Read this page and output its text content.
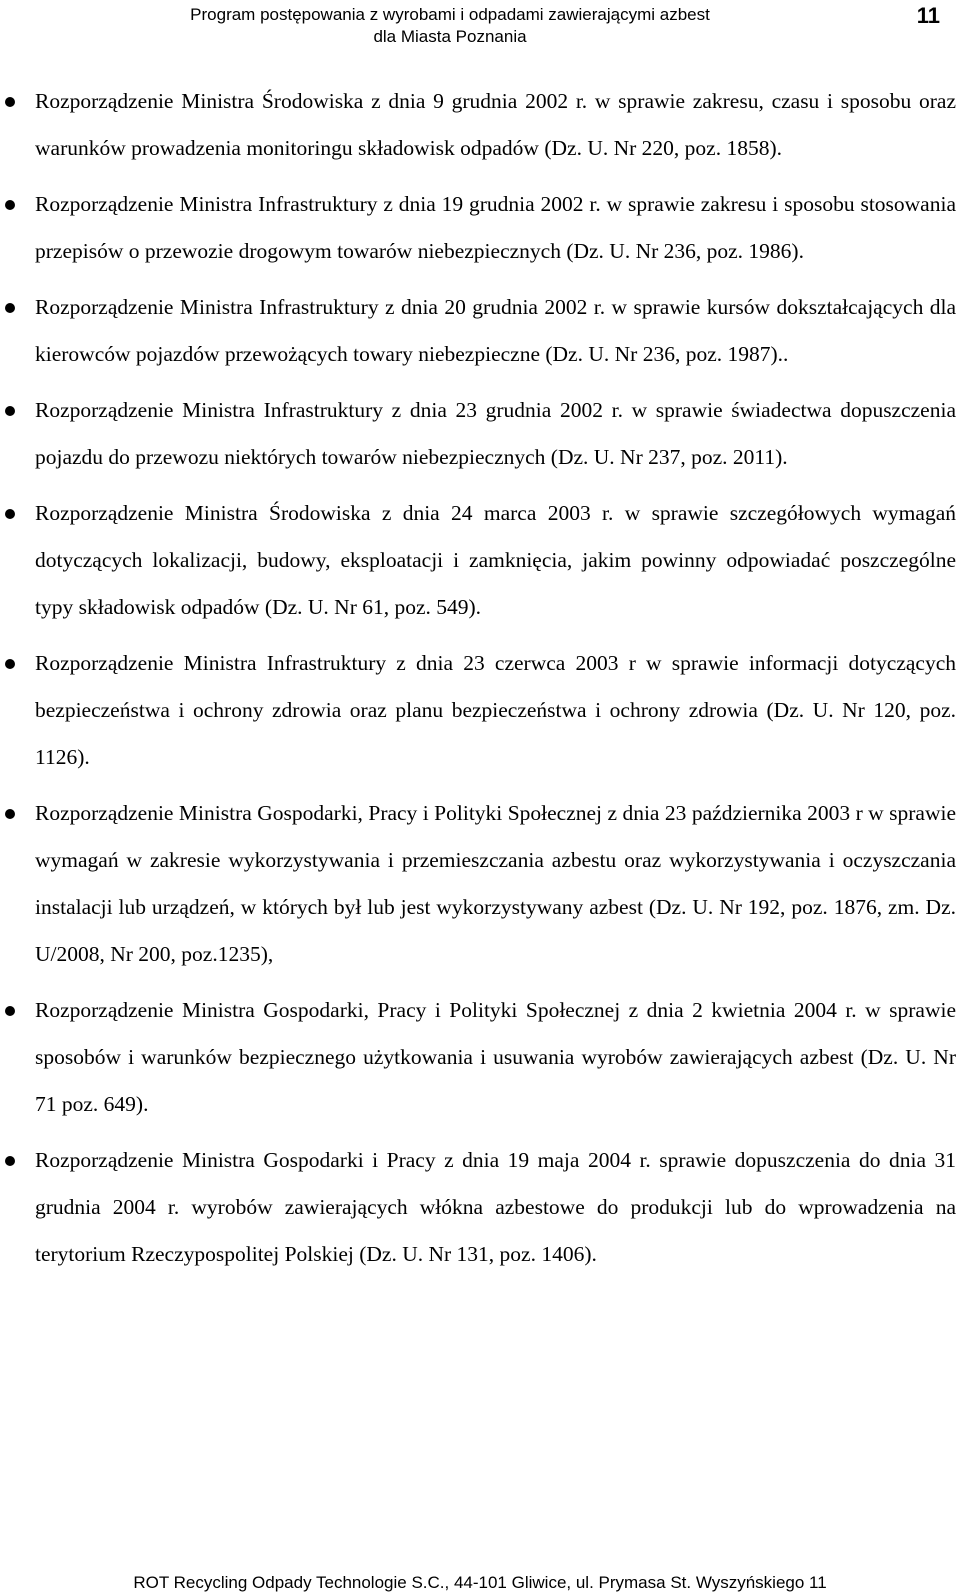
Program postępowania z wyrobami i odpadami zawierającymi azbest
dla Miasta Poznania
11
Rozporządzenie Ministra Środowiska z dnia 9 grudnia 2002 r. w sprawie zakresu, czasu i sposobu oraz warunków prowadzenia monitoringu składowisk odpadów (Dz. U. Nr 220, poz. 1858).
Rozporządzenie Ministra Infrastruktury z dnia 19 grudnia 2002 r. w sprawie zakresu i sposobu stosowania przepisów o przewozie drogowym towarów niebezpiecznych (Dz. U. Nr 236, poz. 1986).
Rozporządzenie Ministra Infrastruktury z dnia 20 grudnia 2002 r. w sprawie kursów dokształcających dla kierowców pojazdów przewożących towary niebezpieczne (Dz. U. Nr 236, poz. 1987)..
Rozporządzenie Ministra Infrastruktury z dnia 23 grudnia 2002 r. w sprawie świadectwa dopuszczenia pojazdu do przewozu niektórych towarów niebezpiecznych (Dz. U. Nr 237, poz. 2011).
Rozporządzenie Ministra Środowiska z dnia 24 marca 2003 r. w sprawie szczegółowych wymagań dotyczących lokalizacji, budowy, eksploatacji i zamknięcia, jakim powinny odpowiadać poszczególne typy składowisk odpadów (Dz. U. Nr 61, poz. 549).
Rozporządzenie Ministra Infrastruktury z dnia 23 czerwca 2003 r w sprawie informacji dotyczących bezpieczeństwa i ochrony zdrowia oraz planu bezpieczeństwa i ochrony zdrowia (Dz. U. Nr 120, poz. 1126).
Rozporządzenie Ministra Gospodarki, Pracy i Polityki Społecznej z dnia 23 października 2003 r w sprawie wymagań w zakresie wykorzystywania i przemieszczania azbestu oraz wykorzystywania i oczyszczania instalacji lub urządzeń, w których był lub jest wykorzystywany azbest (Dz. U. Nr 192, poz. 1876, zm. Dz. U/2008, Nr 200, poz.1235),
Rozporządzenie Ministra Gospodarki, Pracy i Polityki Społecznej z dnia 2 kwietnia 2004 r. w sprawie sposobów i warunków bezpiecznego użytkowania i usuwania wyrobów zawierających azbest (Dz. U. Nr 71 poz. 649).
Rozporządzenie Ministra Gospodarki i Pracy z dnia 19 maja 2004 r. sprawie dopuszczenia do dnia 31 grudnia 2004 r. wyrobów zawierających włókna azbestowe do produkcji lub do wprowadzenia na terytorium Rzeczypospolitej Polskiej (Dz. U. Nr 131, poz. 1406).
ROT Recycling Odpady Technologie S.C., 44-101 Gliwice, ul. Prymasa St. Wyszyńskiego 11
